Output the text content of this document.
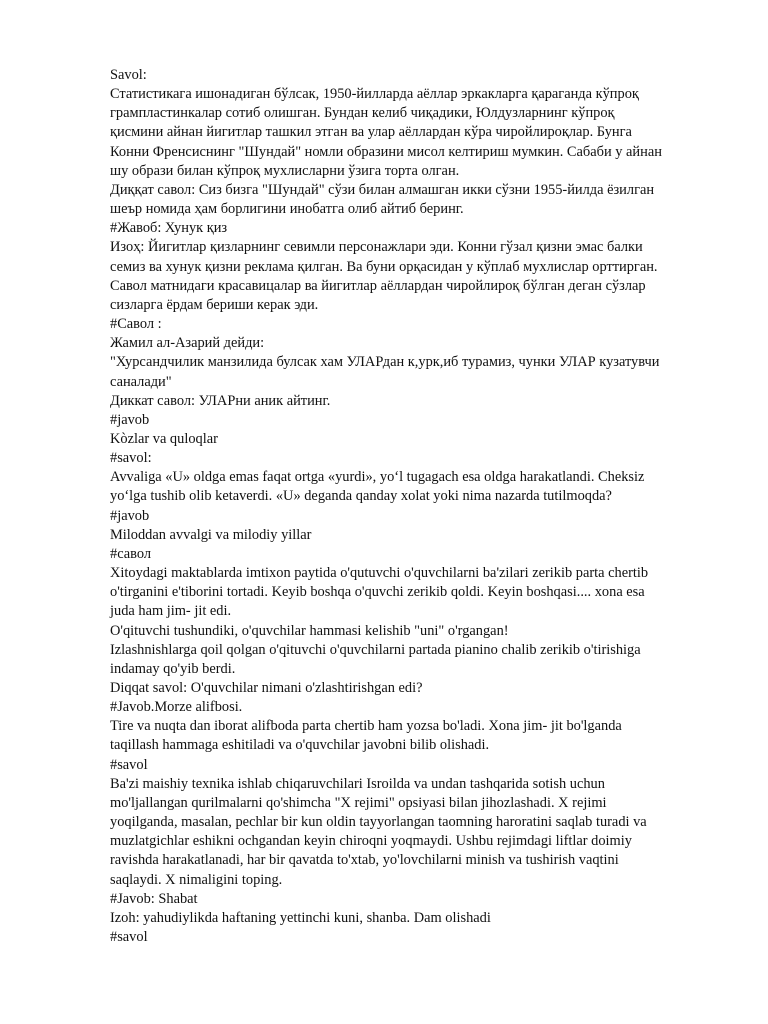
Savol:
Статистикага ишонадиган бўлсак, 1950-йилларда аёллар эркакларга қараганда кўпроқ
грампластинкалар сотиб олишган. Бундан келиб чиқадики, Юлдузларнинг кўпроқ
қисмини айнан йигитлар ташкил этган ва улар аёллардан кўра чиройлироқлар. Бунга
Конни Френсиснинг "Шундай" номли образини мисол келтириш мумкин. Сабаби у айнан
шу образи билан кўпроқ мухлисларни ўзига торта олган.
Диққат савол: Сиз бизга "Шундай" сўзи билан алмашган икки сўзни 1955-йилда ёзилган
шеър номида ҳам борлигини инобатга олиб айтиб беринг.
#Жавоб: Хунук қиз
Изоҳ: Йигитлар қизларнинг севимли персонажлари эди. Конни гўзал қизни эмас балки
семиз ва хунук қизни реклама қилган. Ва буни орқасидан у кўплаб мухлислар орттирган.
Савол матнидаги красавицалар ва йигитлар аёллардан чиройлироқ бўлган деган сўзлар
сизларга ёрдам бериши керак эди.
#Савол :
Жамил ал-Азарий дейди:
"Хурсандчилик манзилида булсак хам УЛАРдан к,урк,иб турамиз, чунки УЛАР кузатувчи
саналади"
Диккат савол: УЛАРни аник айтинг.
#javob
Kòzlar va quloqlar
#savol:
Avvaliga «U» oldga emas faqat ortga «yurdi», yo‘l tugagach esa oldga harakatlandi. Cheksiz
yo‘lga tushib olib ketaverdi. «U» deganda qanday xolat yoki nima nazarda tutilmoqda?
#javob
Miloddan avvalgi va milodiy yillar
#савол
Xitoydagi maktablarda imtixon paytida o'qutuvchi o'quvchilarni ba'zilari zerikib parta chertib
o'tirganini e'tiborini tortadi. Keyib boshqa o'quvchi zerikib qoldi. Keyin boshqasi.... xona esa
juda ham jim- jit edi.
O'qituvchi tushundiki, o'quvchilar hammasi kelishib "uni" o'rgangan!
Izlashnishlarga qoil qolgan o'qituvchi o'quvchilarni partada pianino chalib zerikib o'tirishiga
indamay qo'yib berdi.
Diqqat savol: O'quvchilar nimani o'zlashtirishgan edi?
#Javob.Morze alifbosi.
Tire va nuqta dan iborat alifboda parta chertib ham yozsa bo'ladi. Xona jim- jit bo'lganda
taqillash hammaga eshitiladi va o'quvchilar javobni bilib olishadi.
#savol
Ba'zi maishiy texnika ishlab chiqaruvchilari Isroilda va undan tashqarida sotish uchun
mo'ljallangan qurilmalarni qo'shimcha "X rejimi" opsiyasi bilan jihozlashadi. X rejimi
yoqilganda, masalan, pechlar bir kun oldin tayyorlangan taomning haroratini saqlab turadi va
muzlatgichlar eshikni ochgandan keyin chiroqni yoqmaydi. Ushbu rejimdagi liftlar doimiy
ravishda harakatlanadi, har bir qavatda to'xtab, yo'lovchilarni minish va tushirish vaqtini
saqlaydi. X nimaligini toping.
#Javob: Shabat
Izoh: yahudiylikda haftaning yettinchi kuni, shanba. Dam olishadi
#savol
